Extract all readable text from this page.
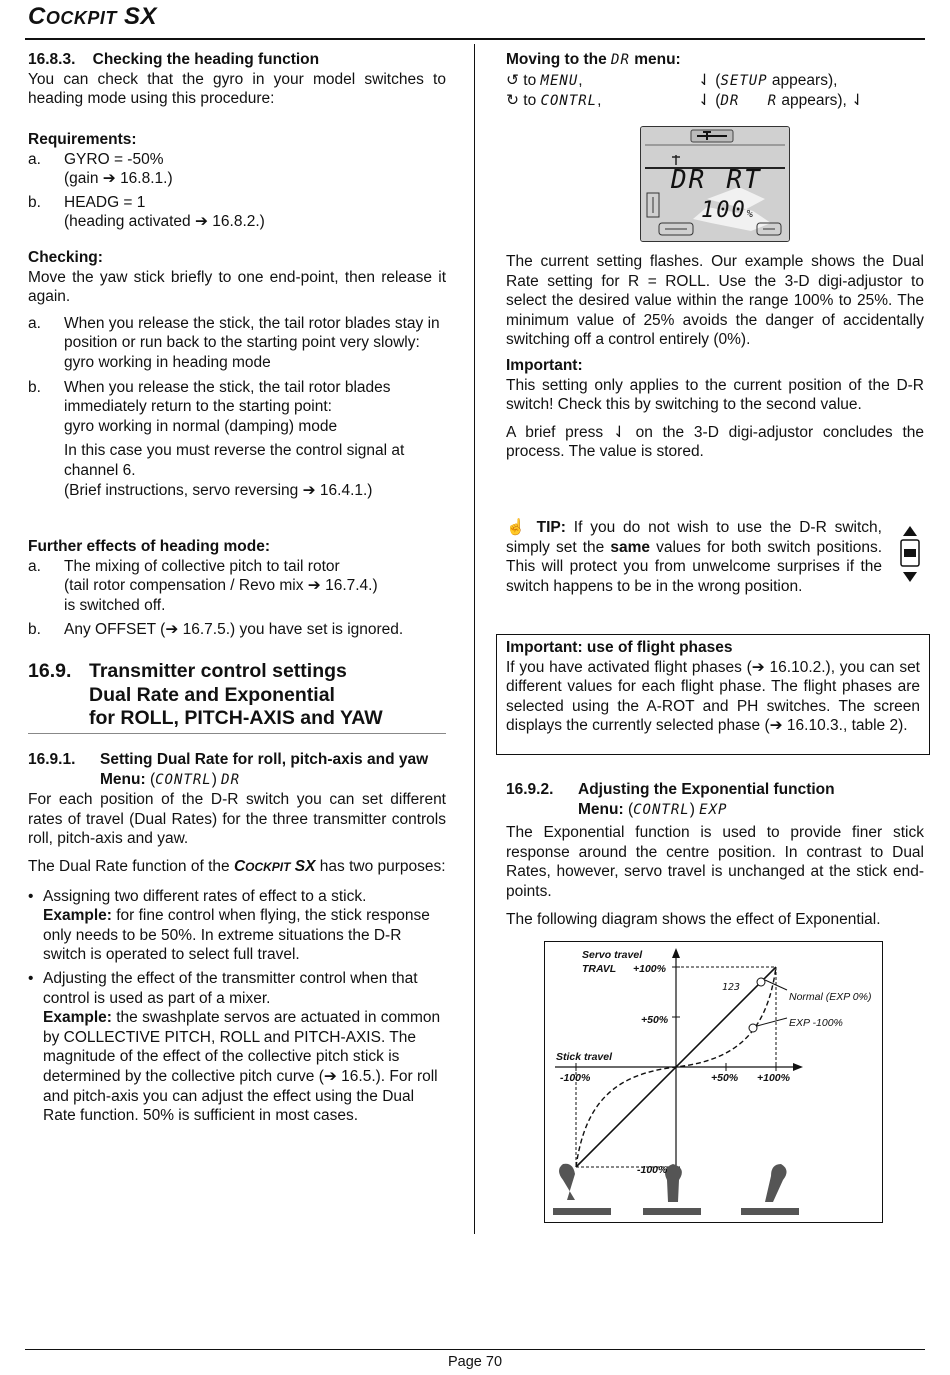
COCKPIT SX
16.8.3. Checking the heading function

You can check that the gyro in your model switches to heading mode using this procedure:

Requirements:
a. GYRO = -50%
(gain ➔ 16.8.1.)
b. HEADG = 1
(heading activated ➔ 16.8.2.)
Checking:

Move the yaw stick briefly to one end-point, then release it again.

a. When you release the stick, the tail rotor blades stay in position or run back to the starting point very slowly:
gyro working in heading mode
b. When you release the stick, the tail rotor blades immediately return to the starting point:
gyro working in normal (damping) mode
In this case you must reverse the control signal at channel 6.
(Brief instructions, servo reversing ➔ 16.4.1.)
Further effects of heading mode:
a. The mixing of collective pitch to tail rotor
(tail rotor compensation / Revo mix ➔ 16.7.4.)
is switched off.
b. Any OFFSET (➔ 16.7.5.) you have set is ignored.
16.9. Transmitter control settings
Dual Rate and Exponential
for ROLL, PITCH-AXIS and YAW
16.9.1. Setting Dual Rate for roll, pitch-axis and yaw
Menu: (CONTRL) DR

For each position of the D-R switch you can set different rates of travel (Dual Rates) for the three transmitter controls roll, pitch-axis and yaw.

The Dual Rate function of the COCKPIT SX has two purposes:

• Assigning two different rates of effect to a stick.
Example: for fine control when flying, the stick response only needs to be 50%. In extreme situations the D-R switch is operated to select full travel.
• Adjusting the effect of the transmitter control when that control is used as part of a mixer.
Example: the swashplate servos are actuated in common by COLLECTIVE PITCH, ROLL and PITCH-AXIS. The magnitude of the effect of the collective pitch stick is determined by the collective pitch curve (➔ 16.5.). For roll and pitch-axis you can adjust the effect using the Dual Rate function. 50% is sufficient in most cases.
Moving to the DR menu:
↺ to MENU,	⇃ (SETUP appears),
↻ to CONTRL,	⇃ (DR   R appears), ⇃
DR RT
100%

The current setting flashes. Our example shows the Dual Rate setting for R = ROLL. Use the 3-D digi-adjustor to select the desired value within the range 100% to 25%. The minimum value of 25% avoids the danger of accidentally switching off a control entirely (0%).

Important:

This setting only applies to the current position of the D-R switch! Check this by switching to the second value.

A brief press ⇃ on the 3-D digi-adjustor concludes the process. The value is stored.

☝ TIP: If you do not wish to use the D-R switch, simply set the same values for both switch positions. This will protect you from unwelcome surprises if the switch happens to be in the wrong position.

Important: use of flight phases

If you have activated flight phases (➔ 16.10.2.), you can set different values for each flight phase. The flight phases are selected using the A-ROT and PH switches. The screen displays the currently selected phase (➔ 16.10.3., table 2).

16.9.2. Adjusting the Exponential function
Menu: (CONTRL) EXP

The Exponential function is used to provide finer stick response around the centre position. In contrast to Dual Rates, however, servo travel is unchanged at the stick end-points.

The following diagram shows the effect of Exponential.

Servo travel
TRAVL +100%
+50%
Stick travel
-100%	+50% +100%
-100%
123
Normal (EXP 0%)
EXP -100%
Page 70
